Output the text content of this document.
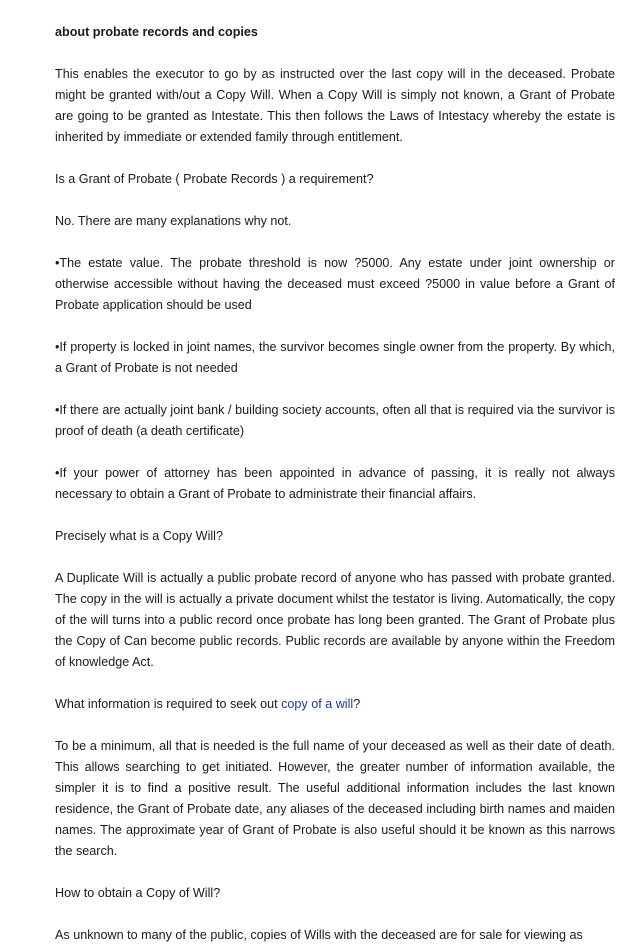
about probate records and copies

This enables the executor to go by as instructed over the last copy will in the deceased. Probate might be granted with/out a Copy Will. When a Copy Will is simply not known, a Grant of Probate are going to be granted as Intestate. This then follows the Laws of Intestacy whereby the estate is inherited by immediate or extended family through entitlement.

Is a Grant of Probate ( Probate Records ) a requirement?

No. There are many explanations why not.

•The estate value. The probate threshold is now ?5000. Any estate under joint ownership or otherwise accessible without having the deceased must exceed ?5000 in value before a Grant of Probate application should be used

•If property is locked in joint names, the survivor becomes single owner from the property. By which, a Grant of Probate is not needed

•If there are actually joint bank / building society accounts, often all that is required via the survivor is proof of death (a death certificate)

•If your power of attorney has been appointed in advance of passing, it is really not always necessary to obtain a Grant of Probate to administrate their financial affairs.

Precisely what is a Copy Will?

A Duplicate Will is actually a public probate record of anyone who has passed with probate granted. The copy in the will is actually a private document whilst the testator is living. Automatically, the copy of the will turns into a public record once probate has long been granted. The Grant of Probate plus the Copy of Can become public records. Public records are available by anyone within the Freedom of knowledge Act.

What information is required to seek out copy of a will?

To be a minimum, all that is needed is the full name of your deceased as well as their date of death. This allows searching to get initiated. However, the greater number of information available, the simpler it is to find a positive result. The useful additional information includes the last known residence, the Grant of Probate date, any aliases of the deceased including birth names and maiden names. The approximate year of Grant of Probate is also useful should it be known as this narrows the search.

How to obtain a Copy of Will?

As unknown to many of the public, copies of Wills with the deceased are for sale for viewing as
